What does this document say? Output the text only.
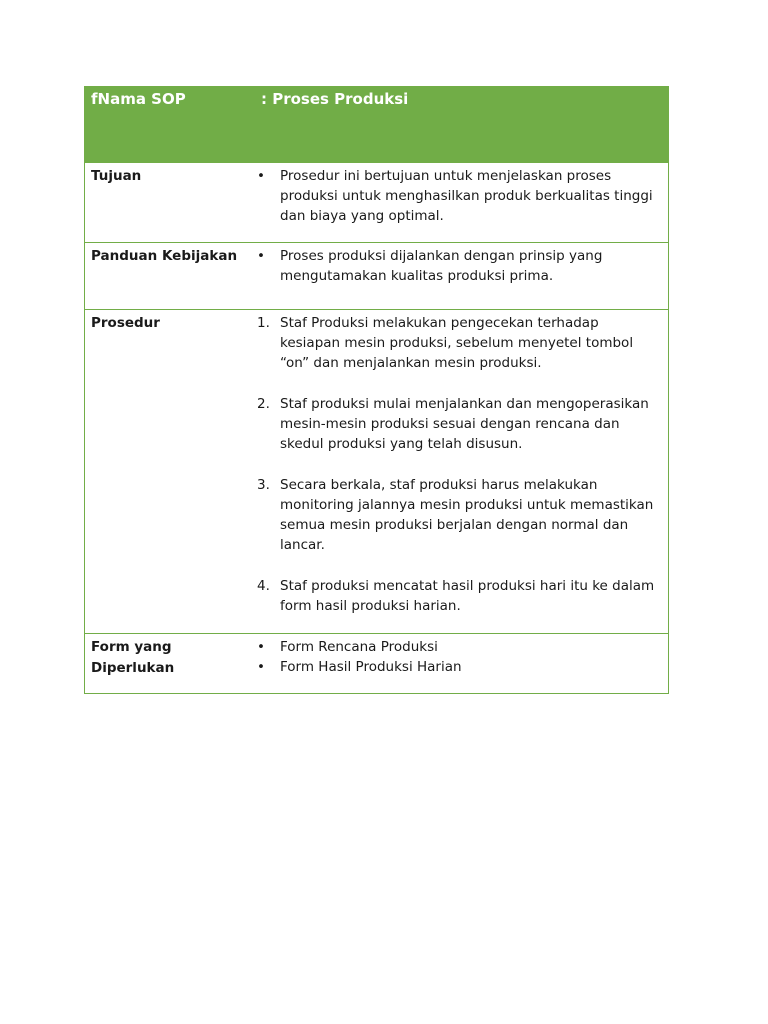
fNama SOP	: Proses Produksi
Tujuan	•	Prosedur ini bertujuan untuk menjelaskan proses
produksi untuk menghasilkan produk berkualitas tinggi
dan biaya yang optimal.
Panduan Kebijakan	•	Proses produksi dijalankan dengan prinsip yang
mengutamakan kualitas produksi prima.
Prosedur	1. Staf Produksi melakukan pengecekan terhadap
kesiapan mesin produksi, sebelum menyetel tombol
“on” dan menjalankan mesin produksi.
2. Staf produksi mulai menjalankan dan mengoperasikan
mesin-mesin produksi sesuai dengan rencana dan
skedul produksi yang telah disusun.
3. Secara berkala, staf produksi harus melakukan
monitoring jalannya mesin produksi untuk memastikan
semua mesin produksi berjalan dengan normal dan
lancar.
4. Staf produksi mencatat hasil produksi hari itu ke dalam
form hasil produksi harian.
Form yang
Diperlukan
•	Form Rencana Produksi
•	Form Hasil Produksi Harian
